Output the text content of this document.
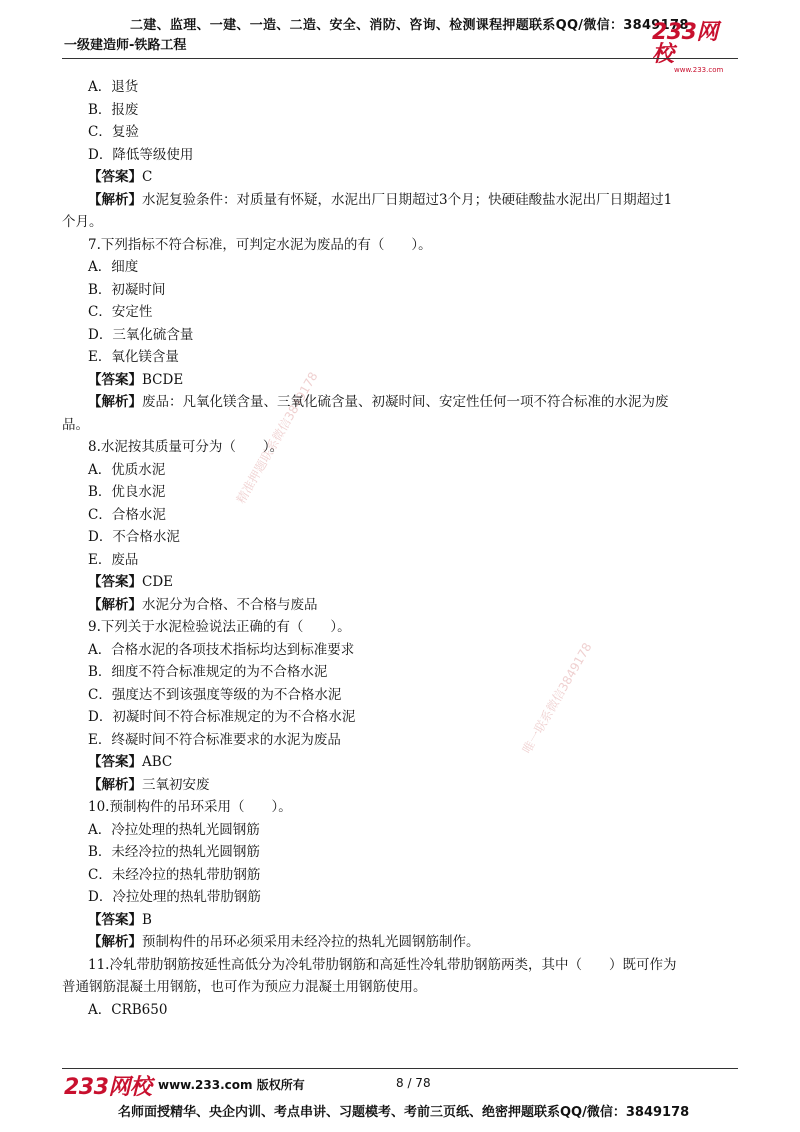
二建、监理、一建、一造、二造、安全、消防、咨询、检测课程押题联系QQ/微信：3849178
一级建造师-铁路工程
233网校
www.233.com
精准押题联系微信3849178
唯一联系微信3849178
A．退货
B．报废
C．复验
D．降低等级使用
【答案】C
【解析】水泥复验条件：对质量有怀疑，水泥出厂日期超过3个月；快硬硅酸盐水泥出厂日期超过1
个月。
7.下列指标不符合标准，可判定水泥为废品的有（　　）。
A．细度
B．初凝时间
C．安定性
D．三氧化硫含量
E．氧化镁含量
【答案】BCDE
【解析】废品：凡氧化镁含量、三氧化硫含量、初凝时间、安定性任何一项不符合标准的水泥为废
品。
8.水泥按其质量可分为（　　）。
A．优质水泥
B．优良水泥
C．合格水泥
D．不合格水泥
E．废品
【答案】CDE
【解析】水泥分为合格、不合格与废品
9.下列关于水泥检验说法正确的有（　　）。
A．合格水泥的各项技术指标均达到标准要求
B．细度不符合标准规定的为不合格水泥
C．强度达不到该强度等级的为不合格水泥
D．初凝时间不符合标准规定的为不合格水泥
E．终凝时间不符合标准要求的水泥为废品
【答案】ABC
【解析】三氧初安废
10.预制构件的吊环采用（　　）。
A．冷拉处理的热轧光圆钢筋
B．未经冷拉的热轧光圆钢筋
C．未经冷拉的热轧带肋钢筋
D．冷拉处理的热轧带肋钢筋
【答案】B
【解析】预制构件的吊环必须采用未经冷拉的热轧光圆钢筋制作。
11.冷轧带肋钢筋按延性高低分为冷轧带肋钢筋和高延性冷轧带肋钢筋两类，其中（　　）既可作为
普通钢筋混凝土用钢筋，也可作为预应力混凝土用钢筋使用。
A．CRB650
233网校 www.233.com 版权所有	8 / 78
名师面授精华、央企内训、考点串讲、习题模考、考前三页纸、绝密押题联系QQ/微信：3849178
